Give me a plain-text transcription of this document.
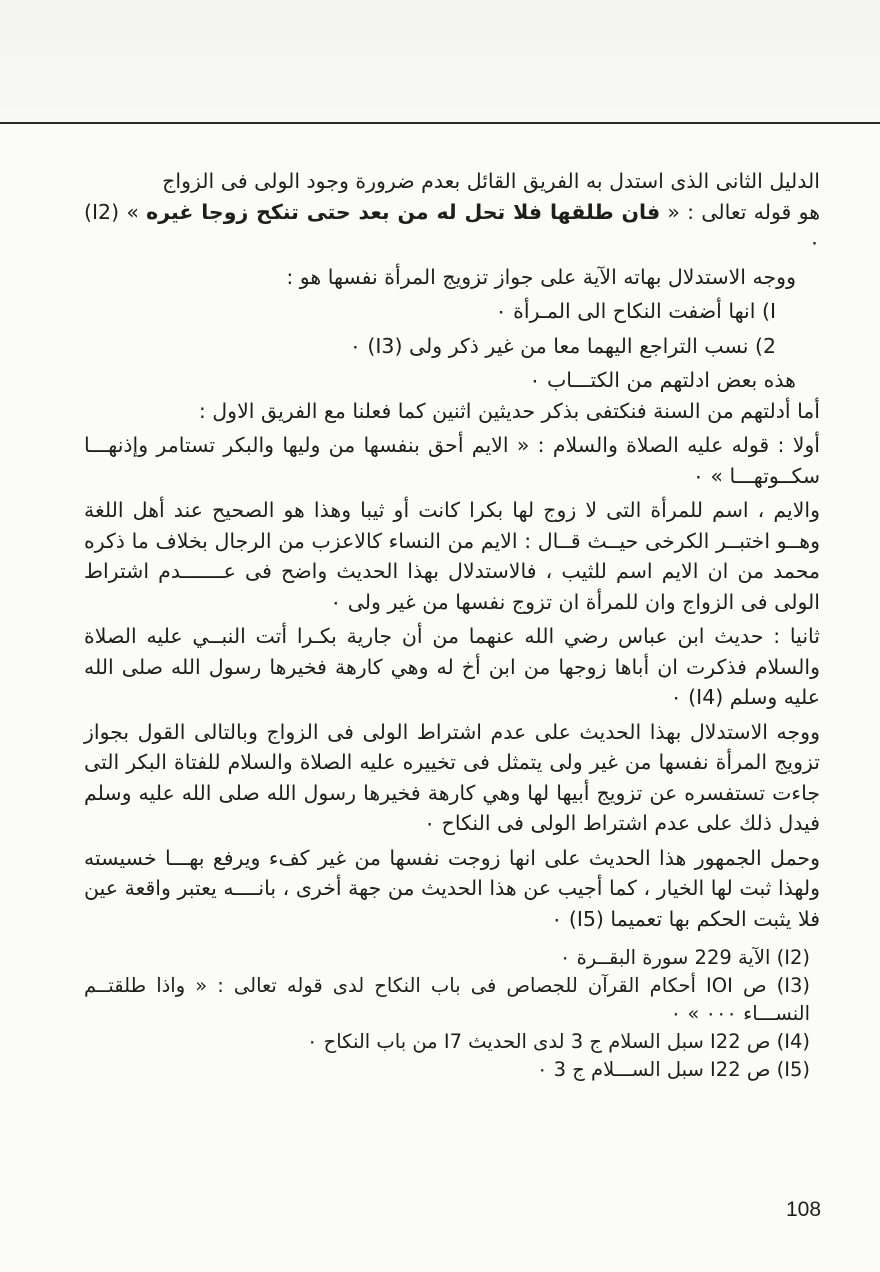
الدليل الثانى الذى استدل به الفريق القائل بعدم ضرورة وجود الولى فى الزواج

هو قوله تعالى : « فان طلقها فلا تحل له من بعد حتى تنكح زوجا غيره » (I2) ٠

ووجه الاستدلال بهاته الآية على جواز تزويج المرأة نفسها هو :

I) انها أضفت النكاح الى المـرأة ٠

2) نسب التراجع اليهما معا من غير ذكر ولى (I3) ٠

هذه بعض ادلتهم من الكتـــاب ٠

أما أدلتهم من السنة فنكتفى بذكر حديثين اثنين كما فعلنا مع الفريق الاول :

أولا : قوله عليه الصلاة والسلام : « الايم أحق بنفسها من وليها والبكر تستامر وإذنهـــا سكــوتهـــا » ٠

والايم ، اسم للمرأة التى لا زوج لها بكرا كانت أو ثيبا وهذا هو الصحيح عند أهل اللغة وهــو اختبــر الكرخى حيــث قــال : الايم من النساء كالاعزب من الرجال بخلاف ما ذكره محمد من ان الايم اسم للثيب ، فالاستدلال بهذا الحديث واضح فى عـــــــدم اشتراط الولى فى الزواج وان للمرأة ان تزوج نفسها من غير ولى ٠

ثانيا : حديث ابن عباس رضي الله عنهما من أن جارية بكـرا أتت النبــي عليه الصلاة والسلام فذكرت ان أباها زوجها من ابن أخ له وهي كارهة فخيرها رسول الله صلى الله عليه وسلم (I4) ٠

ووجه الاستدلال بهذا الحديث على عدم اشتراط الولى فى الزواج وبالتالى القول بجواز تزويج المرأة نفسها من غير ولى يتمثل فى تخييره عليه الصلاة والسلام للفتاة البكر التى جاءت تستفسره عن تزويج أبيها لها وهي كارهة فخيرها رسول الله صلى الله عليه وسلم فيدل ذلك على عدم اشتراط الولى فى النكاح ٠

وحمل الجمهور هذا الحديث على انها زوجت نفسها من غير كفء ويرفع بهـــا خسيسته ولهذا ثبت لها الخيار ، كما أجيب عن هذا الحديث من جهة أخرى ، بانــــه يعتبر واقعة عين فلا يثبت الحكم بها تعميما (I5) ٠

(I2) الآية 229 سورة البقــرة ٠

(I3) ص IOI أحكام القرآن للجصاص فى باب النكاح لدى قوله تعالى : « واذا طلقتــم النســـاء ٠٠٠ » ٠

(I4) ص I22 سبل السلام ج 3 لدى الحديث I7 من باب النكاح ٠

(I5) ص I22 سبل الســـلام ج 3 ٠

108
